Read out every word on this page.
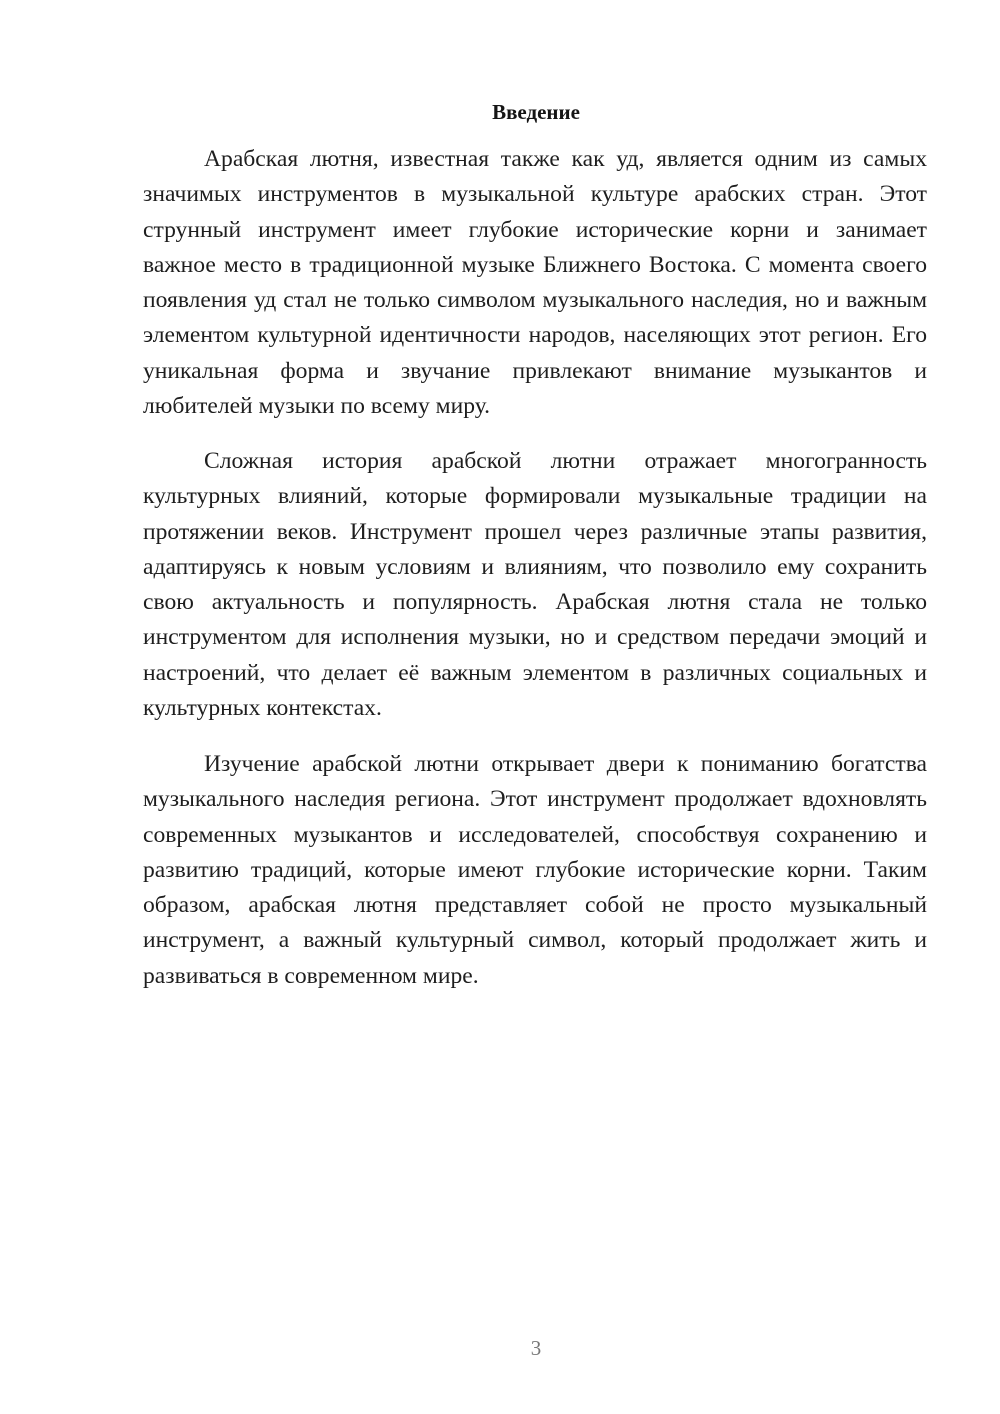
Введение

Арабская лютня, известная также как уд, является одним из самых значимых инструментов в музыкальной культуре арабских стран. Этот струнный инструмент имеет глубокие исторические корни и занимает важное место в традиционной музыке Ближнего Востока. С момента своего появления уд стал не только символом музыкального наследия, но и важным элементом культурной идентичности народов, населяющих этот регион. Его уникальная форма и звучание привлекают внимание музыкантов и любителей музыки по всему миру.

Сложная история арабской лютни отражает многогранность культурных влияний, которые формировали музыкальные традиции на протяжении веков. Инструмент прошел через различные этапы развития, адаптируясь к новым условиям и влияниям, что позволило ему сохранить свою актуальность и популярность. Арабская лютня стала не только инструментом для исполнения музыки, но и средством передачи эмоций и настроений, что делает её важным элементом в различных социальных и культурных контекстах.

Изучение арабской лютни открывает двери к пониманию богатства музыкального наследия региона. Этот инструмент продолжает вдохновлять современных музыкантов и исследователей, способствуя сохранению и развитию традиций, которые имеют глубокие исторические корни. Таким образом, арабская лютня представляет собой не просто музыкальный инструмент, а важный культурный символ, который продолжает жить и развиваться в современном мире.

3
